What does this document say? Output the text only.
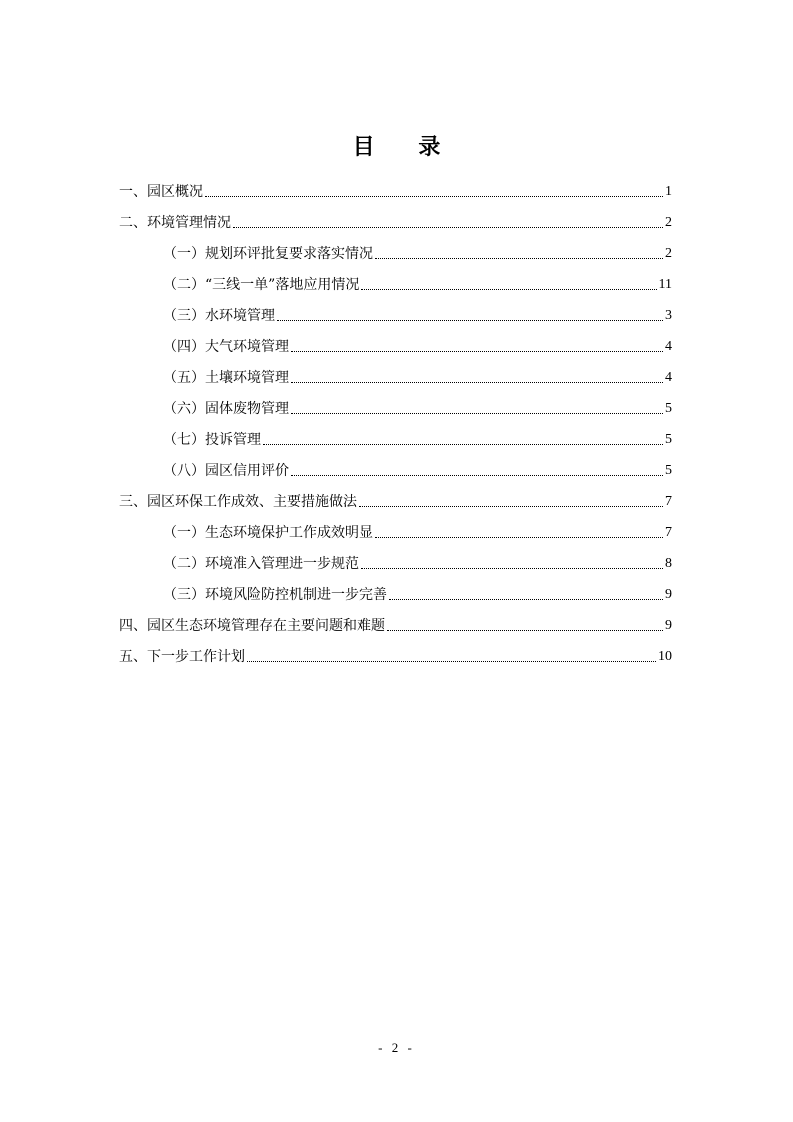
目 录
一、园区概况	1
二、环境管理情况	2
（一）规划环评批复要求落实情况	2
（二）“三线一单”落地应用情况	11
（三）水环境管理	3
（四）大气环境管理	4
（五）土壤环境管理	4
（六）固体废物管理	5
（七）投诉管理	5
（八）园区信用评价	5
三、园区环保工作成效、主要措施做法	7
（一）生态环境保护工作成效明显	7
（二）环境准入管理进一步规范	8
（三）环境风险防控机制进一步完善	9
四、园区生态环境管理存在主要问题和难题	9
五、下一步工作计划	10
- 2 -
